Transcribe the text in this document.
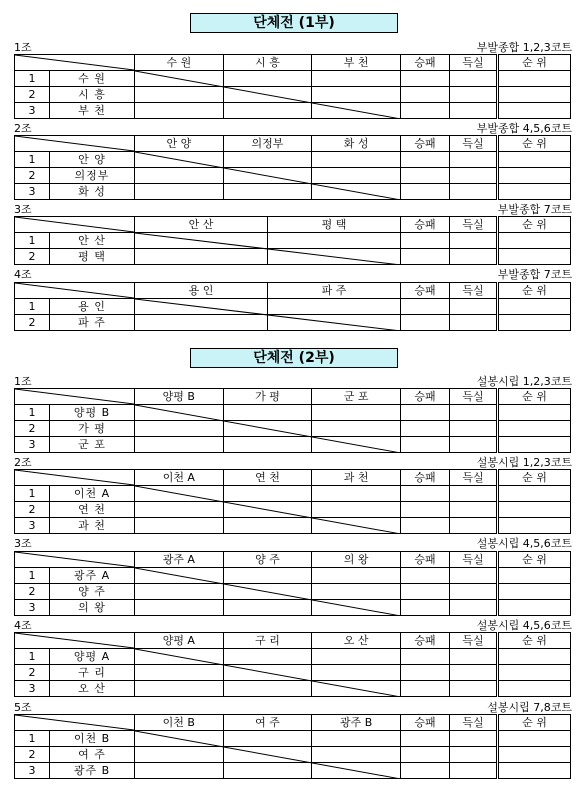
단체전 (1부)
1조	부발종합 1,2,3코트
	수 원	시 흥	부 천	승패	득실	순 위
1	수 원						
2	시 흥						
3	부 천						
2조	부발종합 4,5,6코트
	안 양	의정부	화 성	승패	득실	순 위
1	안 양						
2	의정부						
3	화 성						
3조	부발종합 7코트
	안 산	평 택	승패	득실	순 위
1	안 산					
2	평 택					
4조	부발종합 7코트
	용 인	파 주	승패	득실	순 위
1	용 인					
2	파 주					
단체전 (2부)
1조	설봉시립 1,2,3코트
	양평 B	가 평	군 포	승패	득실	순 위
1	양평 B						
2	가 평						
3	군 포						
2조	설봉시립 1,2,3코트
	이천 A	연 천	과 천	승패	득실	순 위
1	이천 A						
2	연 천						
3	과 천						
3조	설봉시립 4,5,6코트
	광주 A	양 주	의 왕	승패	득실	순 위
1	광주 A						
2	양 주						
3	의 왕						
4조	설봉시립 4,5,6코트
	양평 A	구 리	오 산	승패	득실	순 위
1	양평 A						
2	구 리						
3	오 산						
5조	설봉시립 7,8코트
	이천 B	여 주	광주 B	승패	득실	순 위
1	이천 B						
2	여 주						
3	광주 B						
